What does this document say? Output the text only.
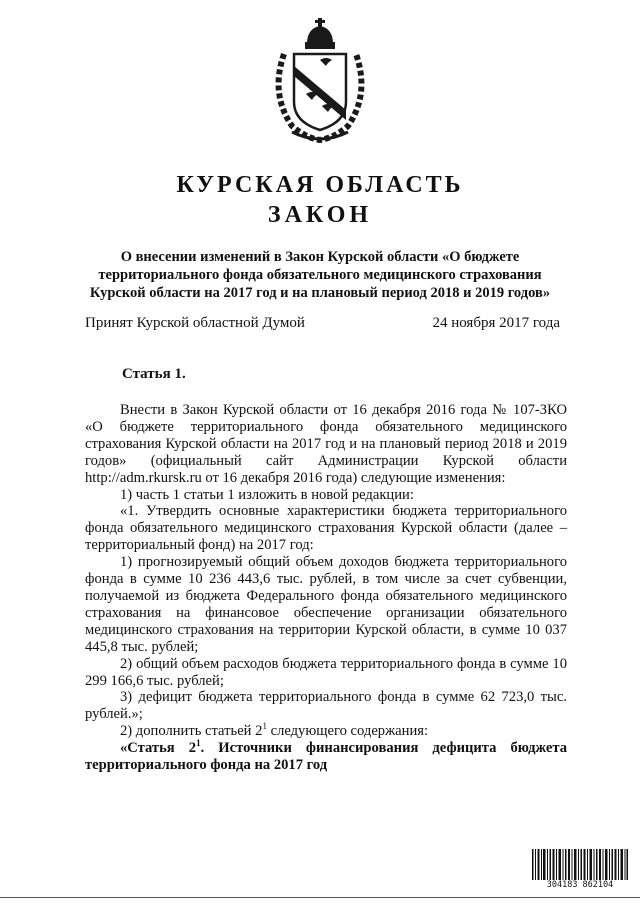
КУРСКАЯ ОБЛАСТЬ
ЗАКОН
О внесении изменений в Закон Курской области «О бюджете
территориального фонда обязательного медицинского страхования
Курской области на 2017 год и на плановый период 2018 и 2019 годов»
Принят Курской областной Думой	24 ноября 2017 года
Статья 1.

Внести в Закон Курской области от 16 декабря 2016 года № 107-ЗКО «О бюджете территориального фонда обязательного медицинского страхования Курской области на 2017 год и на плановый период 2018 и 2019 годов» (официальный сайт Администрации Курской области http://adm.rkursk.ru от 16 декабря 2016 года) следующие изменения:

1) часть 1 статьи 1 изложить в новой редакции:

«1. Утвердить основные характеристики бюджета территориального фонда обязательного медицинского страхования Курской области (далее – территориальный фонд) на 2017 год:

1) прогнозируемый общий объем доходов бюджета территориального фонда в сумме 10 236 443,6 тыс. рублей, в том числе за счет субвенции, получаемой из бюджета Федерального фонда обязательного медицинского страхования на финансовое обеспечение организации обязательного медицинского страхования на территории Курской области, в сумме 10 037 445,8 тыс. рублей;

2) общий объем расходов бюджета территориального фонда в сумме 10 299 166,6 тыс. рублей;

3) дефицит бюджета территориального фонда в сумме 62 723,0 тыс. рублей.»;

2) дополнить статьей $2^1$ следующего содержания:

«Статья $2^1$. Источники финансирования дефицита бюджета территориального фонда на 2017 год

304183 862104
